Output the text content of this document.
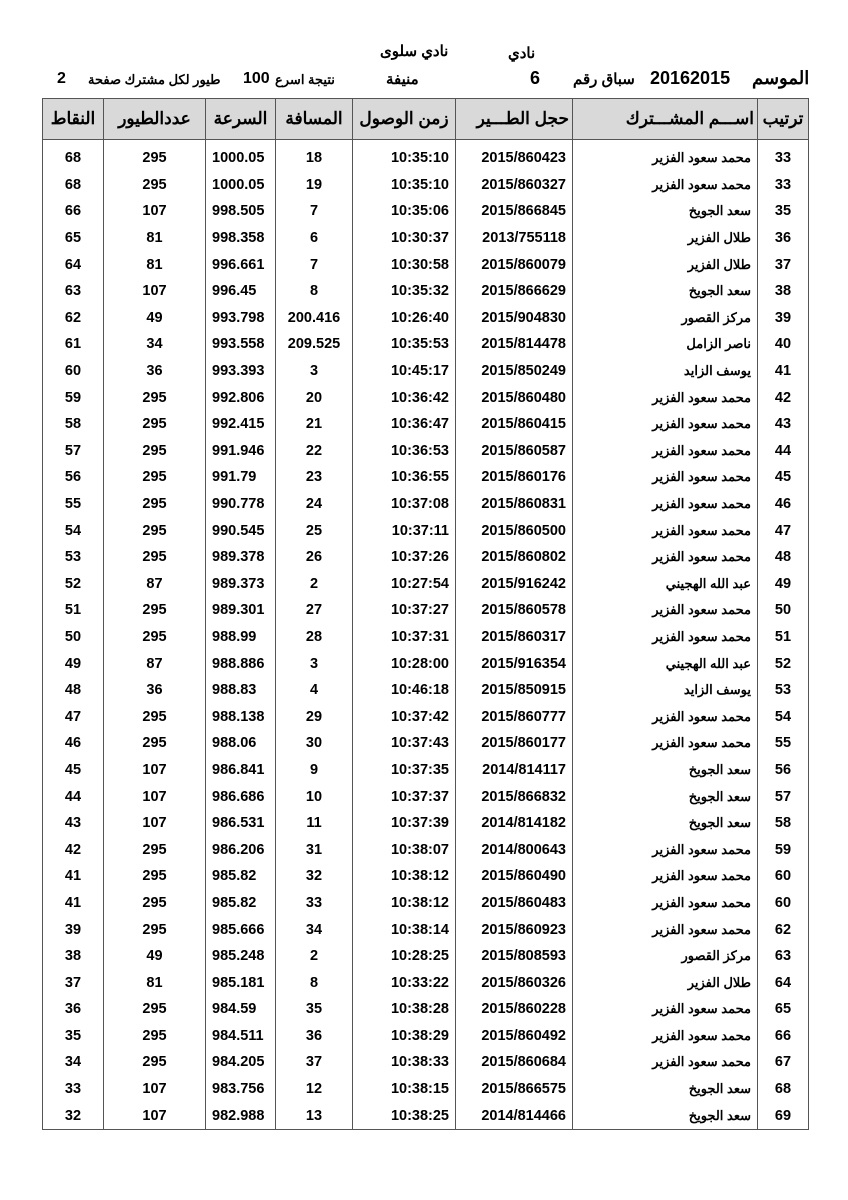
نادي
نادي سلوى
الموسم
20162015
سباق رقم
6
منيفة
نتيجة اسرع
100
طيور لكل مشترك صفحة
2
النقاط	عددالطيور	السرعة	المسافة	زمن الوصول	حجل الطـــير	اســـم المشـــترك	ترتيب
68	295	1000.05	18	10:35:10	2015/860423	محمد سعود الفزير	33
68	295	1000.05	19	10:35:10	2015/860327	محمد سعود الفزير	33
66	107	998.505	7	10:35:06	2015/866845	سعد الجويخ	35
65	81	998.358	6	10:30:37	2013/755118	طلال الفزير	36
64	81	996.661	7	10:30:58	2015/860079	طلال الفزير	37
63	107	996.45	8	10:35:32	2015/866629	سعد الجويخ	38
62	49	993.798	200.416	10:26:40	2015/904830	مركز القصور	39
61	34	993.558	209.525	10:35:53	2015/814478	ناصر الزامل	40
60	36	993.393	3	10:45:17	2015/850249	يوسف الزايد	41
59	295	992.806	20	10:36:42	2015/860480	محمد سعود الفزير	42
58	295	992.415	21	10:36:47	2015/860415	محمد سعود الفزير	43
57	295	991.946	22	10:36:53	2015/860587	محمد سعود الفزير	44
56	295	991.79	23	10:36:55	2015/860176	محمد سعود الفزير	45
55	295	990.778	24	10:37:08	2015/860831	محمد سعود الفزير	46
54	295	990.545	25	10:37:11	2015/860500	محمد سعود الفزير	47
53	295	989.378	26	10:37:26	2015/860802	محمد سعود الفزير	48
52	87	989.373	2	10:27:54	2015/916242	عبد الله الهجيني	49
51	295	989.301	27	10:37:27	2015/860578	محمد سعود الفزير	50
50	295	988.99	28	10:37:31	2015/860317	محمد سعود الفزير	51
49	87	988.886	3	10:28:00	2015/916354	عبد الله الهجيني	52
48	36	988.83	4	10:46:18	2015/850915	يوسف الزايد	53
47	295	988.138	29	10:37:42	2015/860777	محمد سعود الفزير	54
46	295	988.06	30	10:37:43	2015/860177	محمد سعود الفزير	55
45	107	986.841	9	10:37:35	2014/814117	سعد الجويخ	56
44	107	986.686	10	10:37:37	2015/866832	سعد الجويخ	57
43	107	986.531	11	10:37:39	2014/814182	سعد الجويخ	58
42	295	986.206	31	10:38:07	2014/800643	محمد سعود الفزير	59
41	295	985.82	32	10:38:12	2015/860490	محمد سعود الفزير	60
41	295	985.82	33	10:38:12	2015/860483	محمد سعود الفزير	60
39	295	985.666	34	10:38:14	2015/860923	محمد سعود الفزير	62
38	49	985.248	2	10:28:25	2015/808593	مركز القصور	63
37	81	985.181	8	10:33:22	2015/860326	طلال الفزير	64
36	295	984.59	35	10:38:28	2015/860228	محمد سعود الفزير	65
35	295	984.511	36	10:38:29	2015/860492	محمد سعود الفزير	66
34	295	984.205	37	10:38:33	2015/860684	محمد سعود الفزير	67
33	107	983.756	12	10:38:15	2015/866575	سعد الجويخ	68
32	107	982.988	13	10:38:25	2014/814466	سعد الجويخ	69
